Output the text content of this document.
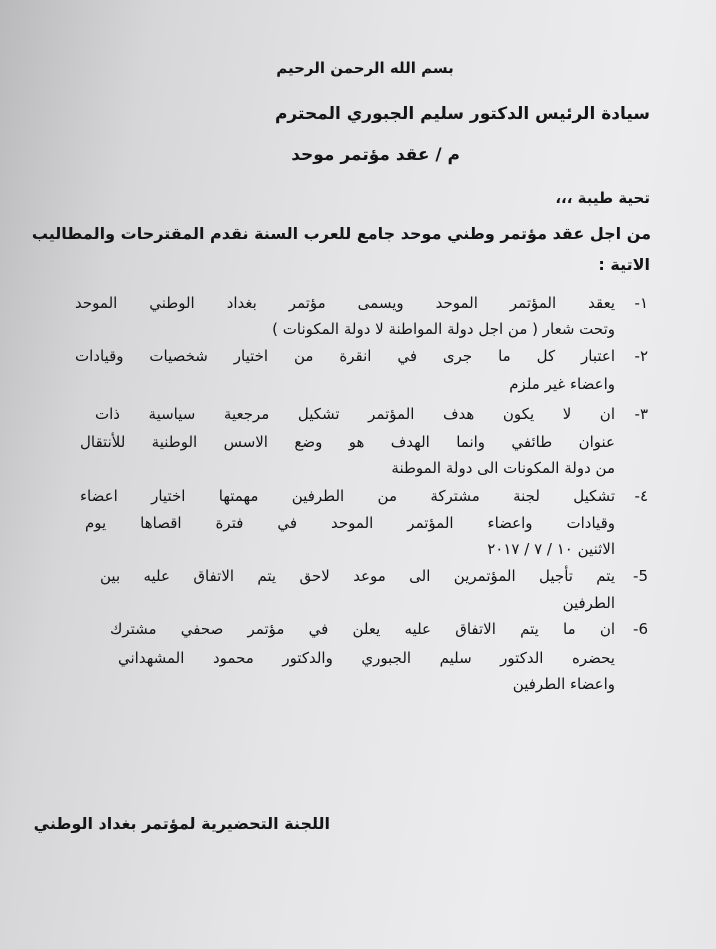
بسم الله الرحمن الرحيم

سيادة الرئيس الدكتور سليم الجبوري المحترم

م / عقد مؤتمر موحد

تحية طيبة ،،،

من اجل عقد مؤتمر وطني موحد جامع للعرب السنة نقدم المقترحات والمطاليب

الاتية :

١-

يعقد المؤتمر الموحد ويسمى مؤتمر بغداد الوطني الموحد

وتحت شعار ( من اجل دولة المواطنة لا دولة المكونات )

٢-

اعتبار كل ما جرى في انقرة من اختيار شخصيات وقيادات

واعضاء غير ملزم

٣-

ان لا يكون هدف المؤتمر تشكيل مرجعية سياسية ذات

عنوان طائفي وانما الهدف هو وضع الاسس الوطنية للأنتقال

من دولة المكونات الى دولة الموطنة

٤-

تشكيل لجنة مشتركة من الطرفين مهمتها اختيار اعضاء

وقيادات واعضاء المؤتمر الموحد في فترة اقصاها يوم

الاثنين ١٠ / ٧ / ٢٠١٧

5-

يتم تأجيل المؤتمرين الى موعد لاحق يتم الاتفاق عليه بين

الطرفين

6-

ان ما يتم الاتفاق عليه يعلن في مؤتمر صحفي مشترك

يحضره الدكتور سليم الجبوري والدكتور محمود المشهداني

واعضاء الطرفين

اللجنة التحضيرية لمؤتمر بغداد الوطني
